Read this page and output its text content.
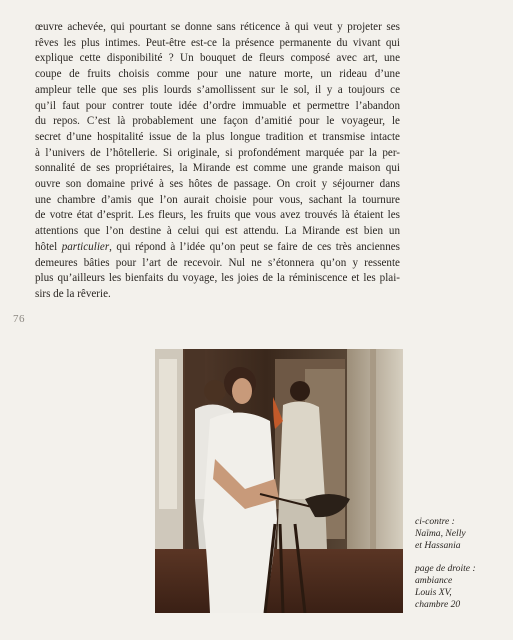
œuvre achevée, qui pourtant se donne sans réticence à qui veut y projeter ses
rêves les plus intimes. Peut-être est-ce la présence permanente du vivant qui
explique cette disponibilité ? Un bouquet de fleurs composé avec art, une
coupe de fruits choisis comme pour une nature morte, un rideau d’une
ampleur telle que ses plis lourds s’amollissent sur le sol, il y a toujours ce
qu’il faut pour contrer toute idée d’ordre immuable et permettre l’abandon
du repos. C’est là probablement une façon d’amitié pour le voyageur, le
secret d’une hospitalité issue de la plus longue tradition et transmise intacte
à l’univers de l’hôtellerie. Si originale, si profondément marquée par la per-
sonnalité de ses propriétaires, la Mirande est comme une grande maison qui
ouvre son domaine privé à ses hôtes de passage. On croit y séjourner dans
une chambre d’amis que l’on aurait choisie pour vous, sachant la tournure
de votre état d’esprit. Les fleurs, les fruits que vous avez trouvés là étaient les
attentions que l’on destine à celui qui est attendu. La Mirande est bien un
hôtel particulier, qui répond à l’idée qu’on peut se faire de ces très anciennes
demeures bâties pour l’art de recevoir. Nul ne s’étonnera qu’on y ressente
plus qu’ailleurs les bienfaits du voyage, les joies de la réminiscence et les plai-
sirs de la rêverie.

76
ci-contre :
Naïma, Nelly
et Hassania
page de droite :
ambiance
Louis XV,
chambre 20
